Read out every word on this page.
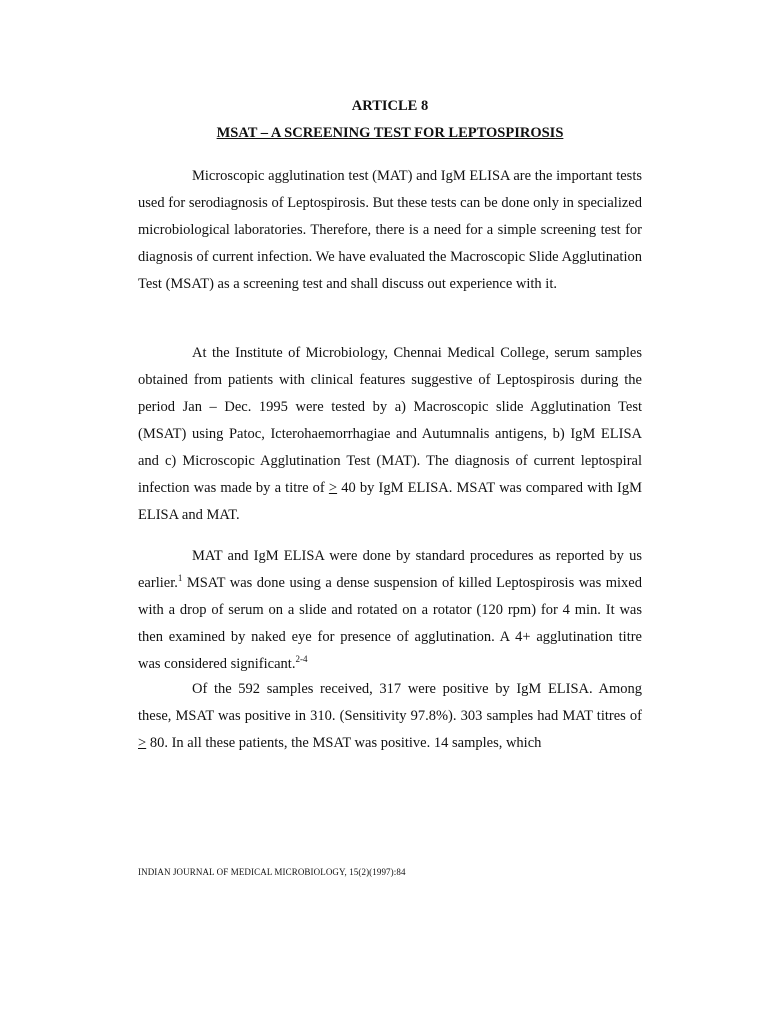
ARTICLE 8
MSAT – A SCREENING TEST FOR LEPTOSPIROSIS

Microscopic agglutination test (MAT) and IgM ELISA are the important tests used for serodiagnosis of Leptospirosis. But these tests can be done only in specialized microbiological laboratories. Therefore, there is a need for a simple screening test for diagnosis of current infection. We have evaluated the Macroscopic Slide Agglutination Test (MSAT) as a screening test and shall discuss out experience with it.

At the Institute of Microbiology, Chennai Medical College, serum samples obtained from patients with clinical features suggestive of Leptospirosis during the period Jan – Dec. 1995 were tested by a) Macroscopic slide Agglutination Test (MSAT) using Patoc, Icterohaemorrhagiae and Autumnalis antigens, b) IgM ELISA and c) Microscopic Agglutination Test (MAT). The diagnosis of current leptospiral infection was made by a titre of ≥ 40 by IgM ELISA. MSAT was compared with IgM ELISA and MAT.

MAT and IgM ELISA were done by standard procedures as reported by us earlier.$^1$ MSAT was done using a dense suspension of killed Leptospirosis was mixed with a drop of serum on a slide and rotated on a rotator (120 rpm) for 4 min. It was then examined by naked eye for presence of agglutination. A 4+ agglutination titre was considered significant.$^{2-4}$

Of the 592 samples received, 317 were positive by IgM ELISA. Among these, MSAT was positive in 310. (Sensitivity 97.8%). 303 samples had MAT titres of ≥ 80. In all these patients, the MSAT was positive. 14 samples, which

INDIAN JOURNAL OF MEDICAL MICROBIOLOGY, 15(2)(1997):84
